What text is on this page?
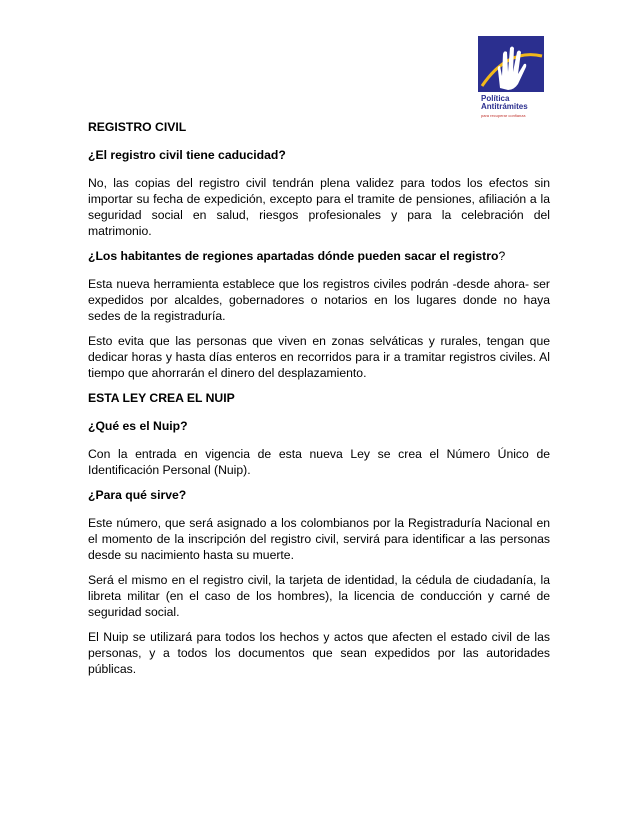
Política
Antitrámites
para recuperar confianza

REGISTRO CIVIL

¿El registro civil tiene caducidad?

No, las copias del registro civil tendrán plena validez para todos los efectos sin importar su fecha de expedición, excepto para el tramite de pensiones, afiliación a la seguridad social en salud, riesgos profesionales y para la celebración del matrimonio.

¿Los habitantes de regiones apartadas dónde pueden sacar el registro?

Esta nueva herramienta establece que los registros civiles podrán -desde ahora- ser expedidos por alcaldes, gobernadores o notarios en los lugares donde no haya sedes de la registraduría.

Esto evita que las personas que viven en zonas selváticas y rurales, tengan que dedicar horas y hasta días enteros en recorridos para ir a tramitar registros civiles. Al tiempo que ahorrarán el dinero del desplazamiento.

ESTA LEY CREA EL NUIP

¿Qué es el Nuip?

Con la entrada en vigencia de esta nueva Ley se crea el Número Único de Identificación Personal (Nuip).

¿Para qué sirve?

Este número, que será asignado a los colombianos por la Registraduría Nacional en el momento de la inscripción del registro civil, servirá para identificar a las personas desde su nacimiento hasta su muerte.

Será el mismo en el registro civil, la tarjeta de identidad, la cédula de ciudadanía, la libreta militar (en el caso de los hombres), la licencia de conducción y carné de seguridad social.

El Nuip se utilizará para todos los hechos y actos que afecten el estado civil de las personas, y a todos los documentos que sean expedidos por las autoridades públicas.
